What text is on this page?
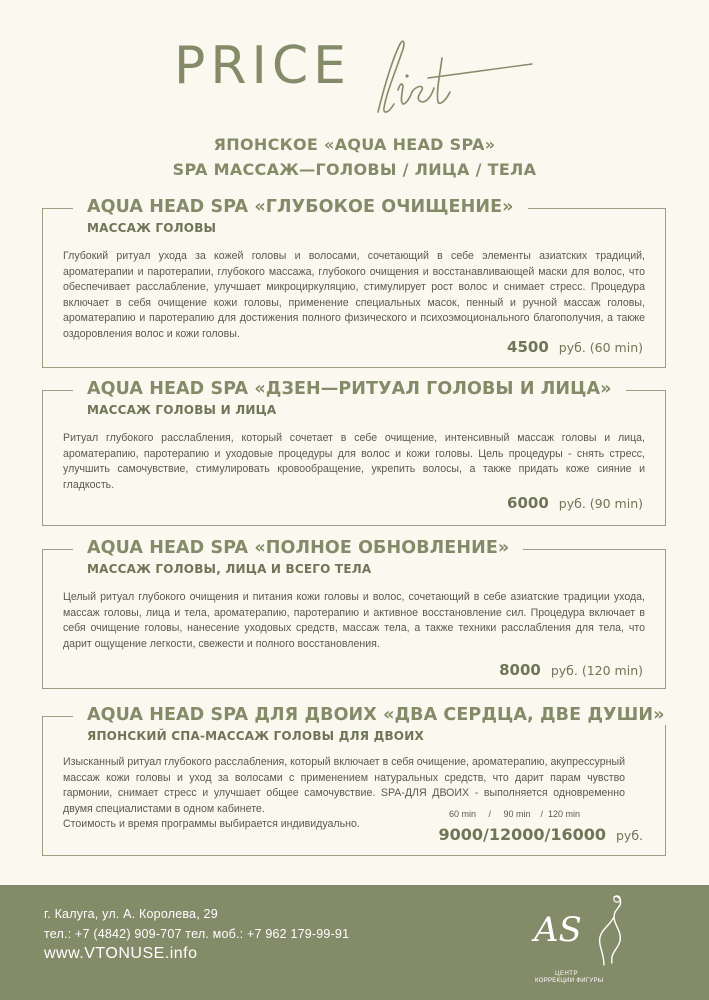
PRICE
ЯПОНСКОЕ «AQUA HEAD SPA»
SPA МАССАЖ—ГОЛОВЫ / ЛИЦА / ТЕЛА
AQUA HEAD SPA «ГЛУБОКОЕ ОЧИЩЕНИЕ»
МАССАЖ ГОЛОВЫ
Глубокий ритуал ухода за кожей головы и волосами, сочетающий в себе элементы азиатских традиций, ароматерапии и паротерапии, глубокого массажа, глубокого очищения и восстанавливающей маски для волос, что обеспечивает расслабление, улучшает микроциркуляцию, стимулирует рост волос и снимает стресс. Процедура включает в себя очищение кожи головы, применение специальных масок, пенный и ручной массаж головы, ароматерапию и паротерапию для достижения полного физического и психоэмоционального благополучия, а также оздоровления волос и кожи головы.
4500 руб. (60 min)
AQUA HEAD SPA «ДЗЕН—РИТУАЛ ГОЛОВЫ И ЛИЦА»
МАССАЖ ГОЛОВЫ И ЛИЦА
Ритуал глубокого расслабления, который сочетает в себе очищение, интенсивный массаж головы и лица, ароматерапию, паротерапию и уходовые процедуры для волос и кожи головы. Цель процедуры - снять стресс, улучшить самочувствие, стимулировать кровообращение, укрепить волосы, а также придать коже сияние и гладкость.
6000 руб. (90 min)
AQUA HEAD SPA «ПОЛНОЕ ОБНОВЛЕНИЕ»
МАССАЖ ГОЛОВЫ, ЛИЦА И ВСЕГО ТЕЛА
Целый ритуал глубокого очищения и питания кожи головы и волос, сочетающий в себе азиатские традиции ухода, массаж головы, лица и тела, ароматерапию, паротерапию и активное восстановление сил. Процедура включает в себя очищение головы, нанесение уходовых средств, массаж тела, а также техники расслабления для тела, что дарит ощущение легкости, свежести и полного восстановления.
8000 руб. (120 min)
AQUA HEAD SPA ДЛЯ ДВОИХ «ДВА СЕРДЦА, ДВЕ ДУШИ»
ЯПОНСКИЙ СПА-МАССАЖ ГОЛОВЫ ДЛЯ ДВОИХ
Изысканный ритуал глубокого расслабления, который включает в себя очищение, ароматерапию, акупрессурный массаж кожи головы и уход за волосами с применением натуральных средств, что дарит парам чувство гармонии, снимает стресс и улучшает общее самочувствие. SPA-ДЛЯ ДВОИХ - выполняется одновременно двумя специалистами в одном кабинете.
Стоимость и время программы выбирается индивидуально.
60 min     /     90 min    /  120 min
9000/12000/16000 руб.
г. Калуга, ул. А. Королева, 29
тел.: +7 (4842) 909-707 тел. моб.: +7 962 179-99-91
www.VTONUSE.info
AS
ЦЕНТР
КОРРЕКЦИИ ФИГУРЫ
